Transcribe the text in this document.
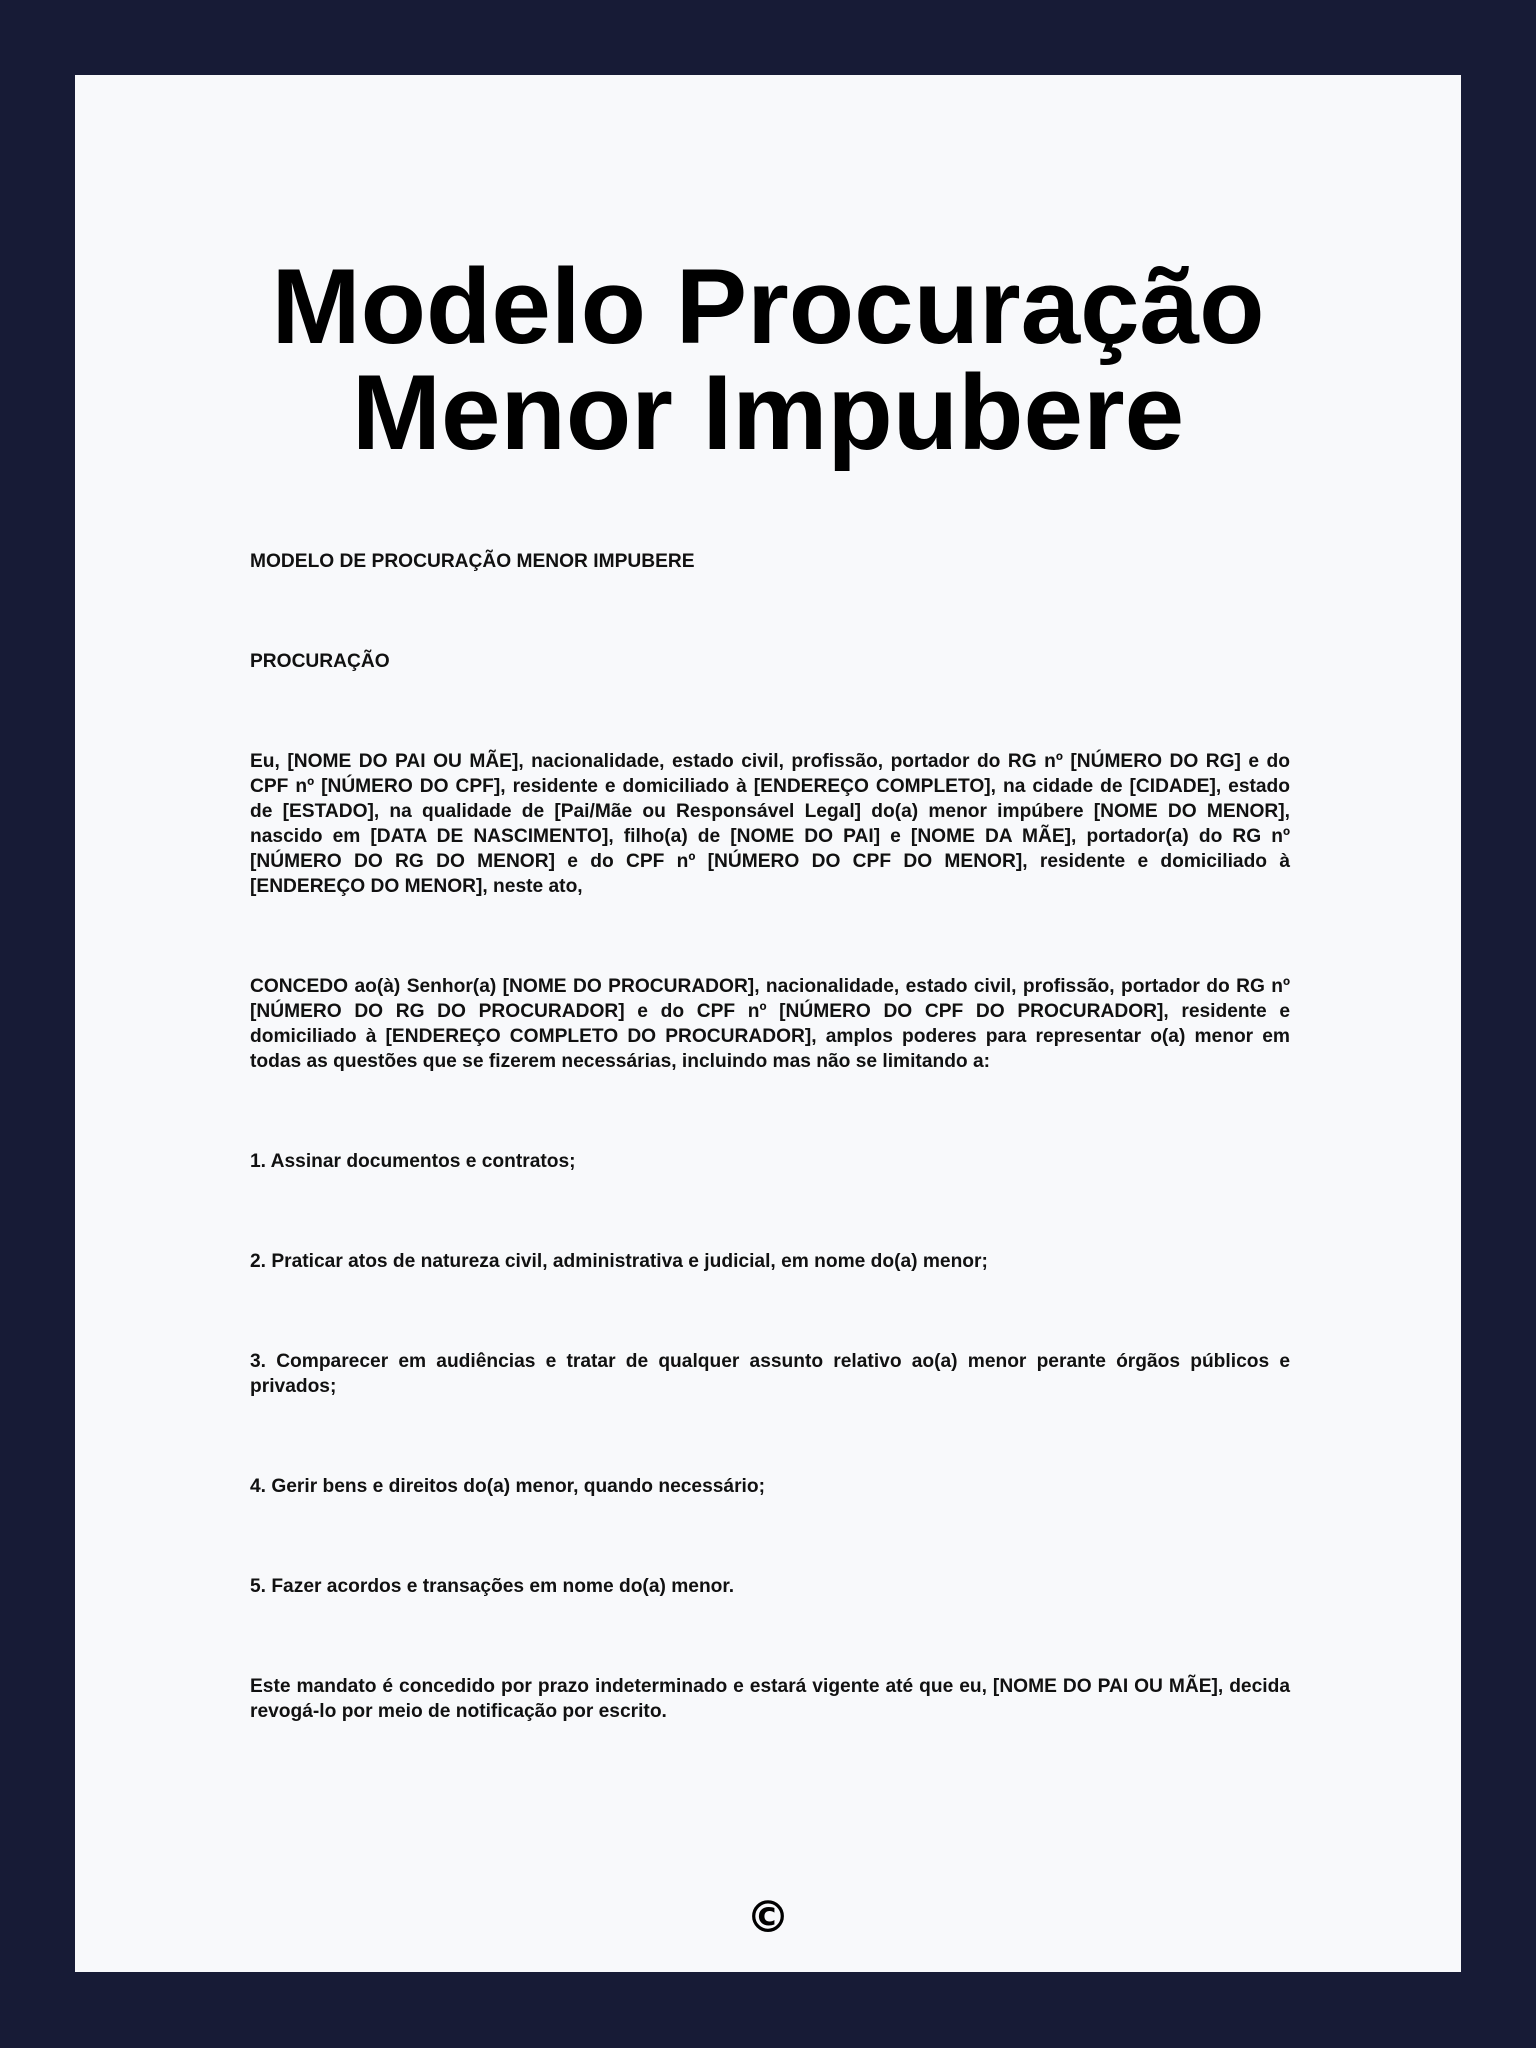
Modelo Procuração Menor Impubere

MODELO DE PROCURAÇÃO MENOR IMPUBERE

PROCURAÇÃO

Eu, [NOME DO PAI OU MÃE], nacionalidade, estado civil, profissão, portador do RG nº [NÚMERO DO RG] e do CPF nº [NÚMERO DO CPF], residente e domiciliado à [ENDEREÇO COMPLETO], na cidade de [CIDADE], estado de [ESTADO], na qualidade de [Pai/Mãe ou Responsável Legal] do(a) menor impúbere [NOME DO MENOR], nascido em [DATA DE NASCIMENTO], filho(a) de [NOME DO PAI] e [NOME DA MÃE], portador(a) do RG nº [NÚMERO DO RG DO MENOR] e do CPF nº [NÚMERO DO CPF DO MENOR], residente e domiciliado à [ENDEREÇO DO MENOR], neste ato,

CONCEDO ao(à) Senhor(a) [NOME DO PROCURADOR], nacionalidade, estado civil, profissão, portador do RG nº [NÚMERO DO RG DO PROCURADOR] e do CPF nº [NÚMERO DO CPF DO PROCURADOR], residente e domiciliado à [ENDEREÇO COMPLETO DO PROCURADOR], amplos poderes para representar o(a) menor em todas as questões que se fizerem necessárias, incluindo mas não se limitando a:

1. Assinar documentos e contratos;

2. Praticar atos de natureza civil, administrativa e judicial, em nome do(a) menor;

3. Comparecer em audiências e tratar de qualquer assunto relativo ao(a) menor perante órgãos públicos e privados;

4. Gerir bens e direitos do(a) menor, quando necessário;

5. Fazer acordos e transações em nome do(a) menor.

Este mandato é concedido por prazo indeterminado e estará vigente até que eu, [NOME DO PAI OU MÃE], decida revogá-lo por meio de notificação por escrito.

©
